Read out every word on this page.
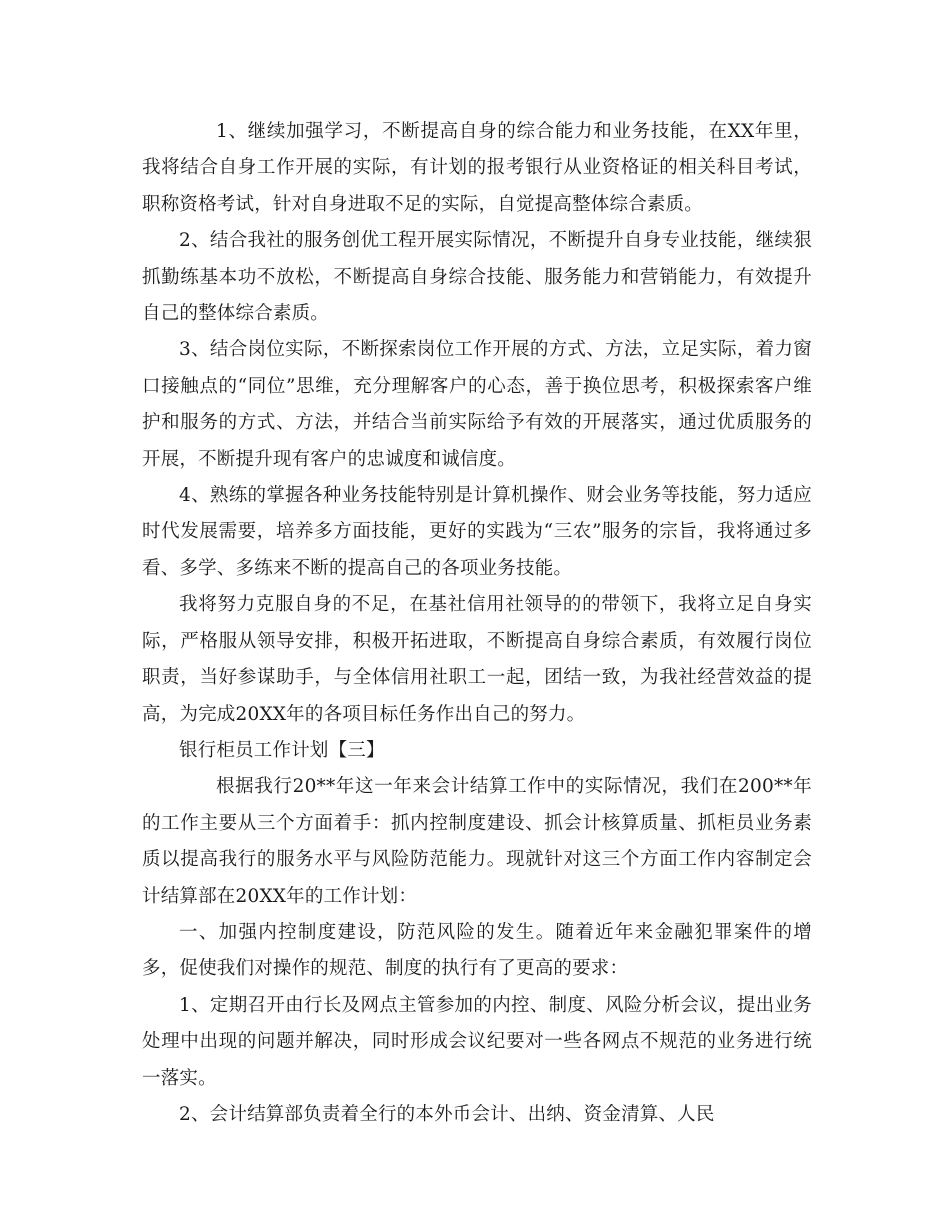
1、继续加强学习，不断提高自身的综合能力和业务技能，在XX年里，我将结合自身工作开展的实际，有计划的报考银行从业资格证的相关科目考试，职称资格考试，针对自身进取不足的实际，自觉提高整体综合素质。

2、结合我社的服务创优工程开展实际情况，不断提升自身专业技能，继续狠抓勤练基本功不放松，不断提高自身综合技能、服务能力和营销能力，有效提升自己的整体综合素质。

3、结合岗位实际，不断探索岗位工作开展的方式、方法，立足实际，着力窗口接触点的“同位”思维，充分理解客户的心态，善于换位思考，积极探索客户维护和服务的方式、方法，并结合当前实际给予有效的开展落实，通过优质服务的开展，不断提升现有客户的忠诚度和诚信度。

4、熟练的掌握各种业务技能特别是计算机操作、财会业务等技能，努力适应时代发展需要，培养多方面技能，更好的实践为“三农”服务的宗旨，我将通过多看、多学、多练来不断的提高自己的各项业务技能。

我将努力克服自身的不足，在基社信用社领导的的带领下，我将立足自身实际，严格服从领导安排，积极开拓进取，不断提高自身综合素质，有效履行岗位职责，当好参谋助手，与全体信用社职工一起，团结一致，为我社经营效益的提高，为完成20XX年的各项目标任务作出自己的努力。

银行柜员工作计划【三】

根据我行20**年这一年来会计结算工作中的实际情况，我们在200**年的工作主要从三个方面着手：抓内控制度建设、抓会计核算质量、抓柜员业务素质以提高我行的服务水平与风险防范能力。现就针对这三个方面工作内容制定会计结算部在20XX年的工作计划：

一、加强内控制度建设，防范风险的发生。随着近年来金融犯罪案件的增多，促使我们对操作的规范、制度的执行有了更高的要求：

1、定期召开由行长及网点主管参加的内控、制度、风险分析会议，提出业务处理中出现的问题并解决，同时形成会议纪要对一些各网点不规范的业务进行统一落实。

2、会计结算部负责着全行的本外币会计、出纳、资金清算、人民
